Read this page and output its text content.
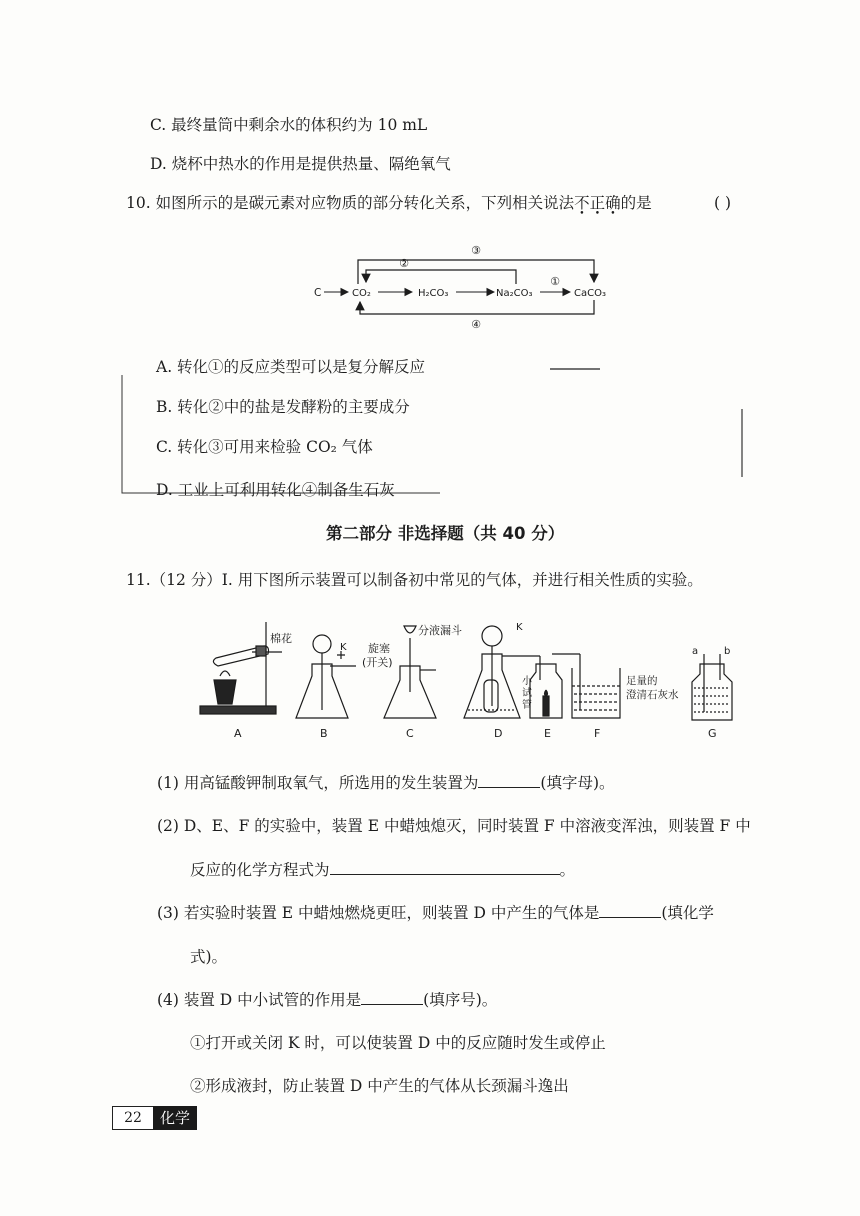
C. 最终量筒中剩余水的体积约为 10 mL
D. 烧杯中热水的作用是提供热量、隔绝氧气
10. 如图所示的是碳元素对应物质的部分转化关系，下列相关说法不正确的是	( )
③
②
④
C	CO₂	H₂CO₃	Na₂CO₃
①
CaCO₃
A. 转化①的反应类型可以是复分解反应
B. 转化②中的盐是发酵粉的主要成分
C. 转化③可用来检验 CO₂ 气体
D. 工业上可利用转化④制备生石灰
第二部分 非选择题（共 40 分）
11.（12 分）Ⅰ. 用下图所示装置可以制备初中常见的气体，并进行相关性质的实验。
棉花
A
K
B
旋塞
(开关)
分液漏斗
C
K
小
试
管
D	E	F
足量的
澄清石灰水
a	b
G
(1) 用高锰酸钾制取氧气，所选用的发生装置为	(填字母)。
(2) D、E、F 的实验中，装置 E 中蜡烛熄灭，同时装置 F 中溶液变浑浊，则装置 F 中
反应的化学方程式为	。
(3) 若实验时装置 E 中蜡烛燃烧更旺，则装置 D 中产生的气体是	(填化学
式)。
(4) 装置 D 中小试管的作用是	(填序号)。
①打开或关闭 K 时，可以使装置 D 中的反应随时发生或停止
②形成液封，防止装置 D 中产生的气体从长颈漏斗逸出
22	化学
